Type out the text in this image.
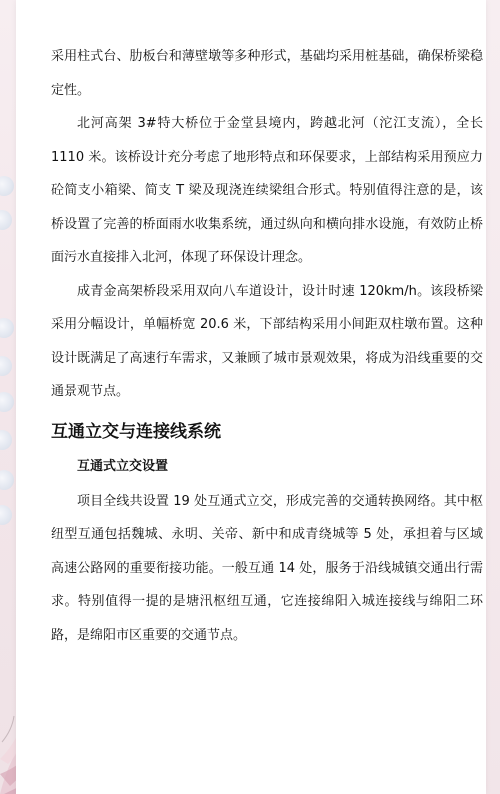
采用柱式台、肋板台和薄壁墩等多种形式，基础均采用桩基础，确保桥梁稳定性。

北河高架 3#特大桥位于金堂县境内，跨越北河（沱江支流），全长 1110 米。该桥设计充分考虑了地形特点和环保要求，上部结构采用预应力砼简支小箱梁、简支 T 梁及现浇连续梁组合形式。特别值得注意的是，该桥设置了完善的桥面雨水收集系统，通过纵向和横向排水设施，有效防止桥面污水直接排入北河，体现了环保设计理念。

成青金高架桥段采用双向八车道设计，设计时速 120km/h。该段桥梁采用分幅设计，单幅桥宽 20.6 米，下部结构采用小间距双柱墩布置。这种设计既满足了高速行车需求，又兼顾了城市景观效果，将成为沿线重要的交通景观节点。

互通立交与连接线系统
互通式立交设置

项目全线共设置 19 处互通式立交，形成完善的交通转换网络。其中枢纽型互通包括魏城、永明、关帝、新中和成青绕城等 5 处，承担着与区域高速公路网的重要衔接功能。一般互通 14 处，服务于沿线城镇交通出行需求。特别值得一提的是塘汛枢纽互通，它连接绵阳入城连接线与绵阳二环路，是绵阳市区重要的交通节点。
